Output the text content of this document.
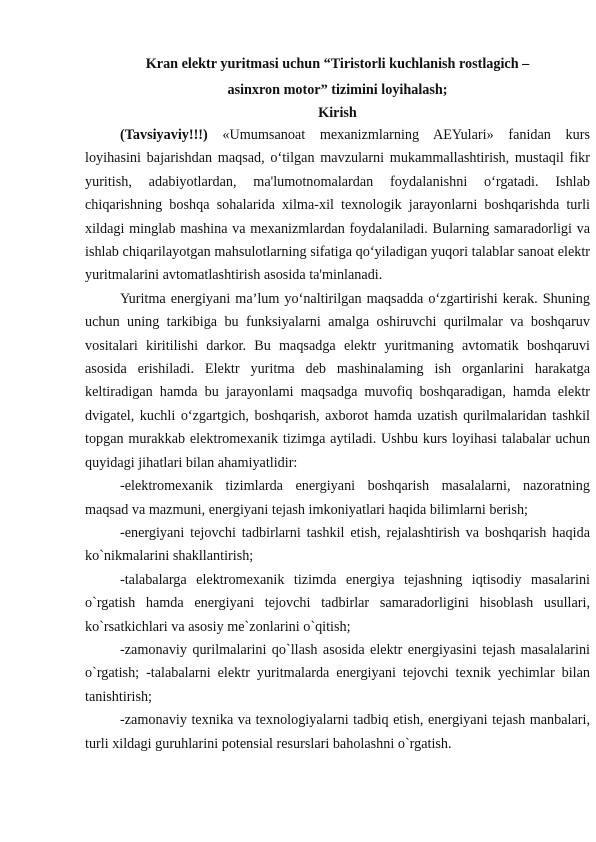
Kran elektr yuritmasi uchun “Tiristorli kuchlanish rostlagich –

asinxron motor” tizimini loyihalash;

Kirish

(Tavsiyaviy!!!) «Umumsanoat mexanizmlarning AEYulari» fanidan kurs loyihasini bajarishdan maqsad, o‘tilgan mavzularni mukammallashtirish, mustaqil fikr yuritish, adabiyotlardan, ma'lumotnomalardan foydalanishni o‘rgatadi. Ishlab chiqarishning boshqa sohalarida xilma-xil texnologik jarayonlarni boshqarishda turli xildagi minglab mashina va mexanizmlardan foydalaniladi. Bularning samaradorligi va ishlab chiqarilayotgan mahsulotlarning sifatiga qo‘yiladigan yuqori talablar sanoat elektr yuritmalarini avtomatlashtirish asosida ta'minlanadi.

Yuritma energiyani ma’lum yo‘naltirilgan maqsadda o‘zgartirishi kerak. Shuning uchun uning tarkibiga bu funksiyalarni amalga oshiruvchi qurilmalar va boshqaruv vositalari kiritilishi darkor. Bu maqsadga elektr yuritmaning avtomatik boshqaruvi asosida erishiladi. Elektr yuritma deb mashinalaming ish organlarini harakatga keltiradigan hamda bu jarayonlami maqsadga muvofiq boshqaradigan, hamda elektr dvigatel, kuchli o‘zgartgich, boshqarish, axborot hamda uzatish qurilmalaridan tashkil topgan murakkab elektromexanik tizimga aytiladi. Ushbu kurs loyihasi talabalar uchun quyidagi jihatlari bilan ahamiyatlidir:

-elektromexanik tizimlarda energiyani boshqarish masalalarni, nazoratning maqsad va mazmuni, energiyani tejash imkoniyatlari haqida bilimlarni berish;

-energiyani tejovchi tadbirlarni tashkil etish, rejalashtirish va boshqarish haqida ko`nikmalarini shakllantirish;

-talabalarga elektromexanik tizimda energiya tejashning iqtisodiy masalarini o`rgatish hamda energiyani tejovchi tadbirlar samaradorligini hisoblash usullari, ko`rsatkichlari va asosiy me`zonlarini o`qitish;

-zamonaviy qurilmalarini qo`llash asosida elektr energiyasini tejash masalalarini o`rgatish; -talabalarni elektr yuritmalarda energiyani tejovchi texnik yechimlar bilan tanishtirish;

-zamonaviy texnika va texnologiyalarni tadbiq etish, energiyani tejash manbalari, turli xildagi guruhlarini potensial resurslari baholashni o`rgatish.
